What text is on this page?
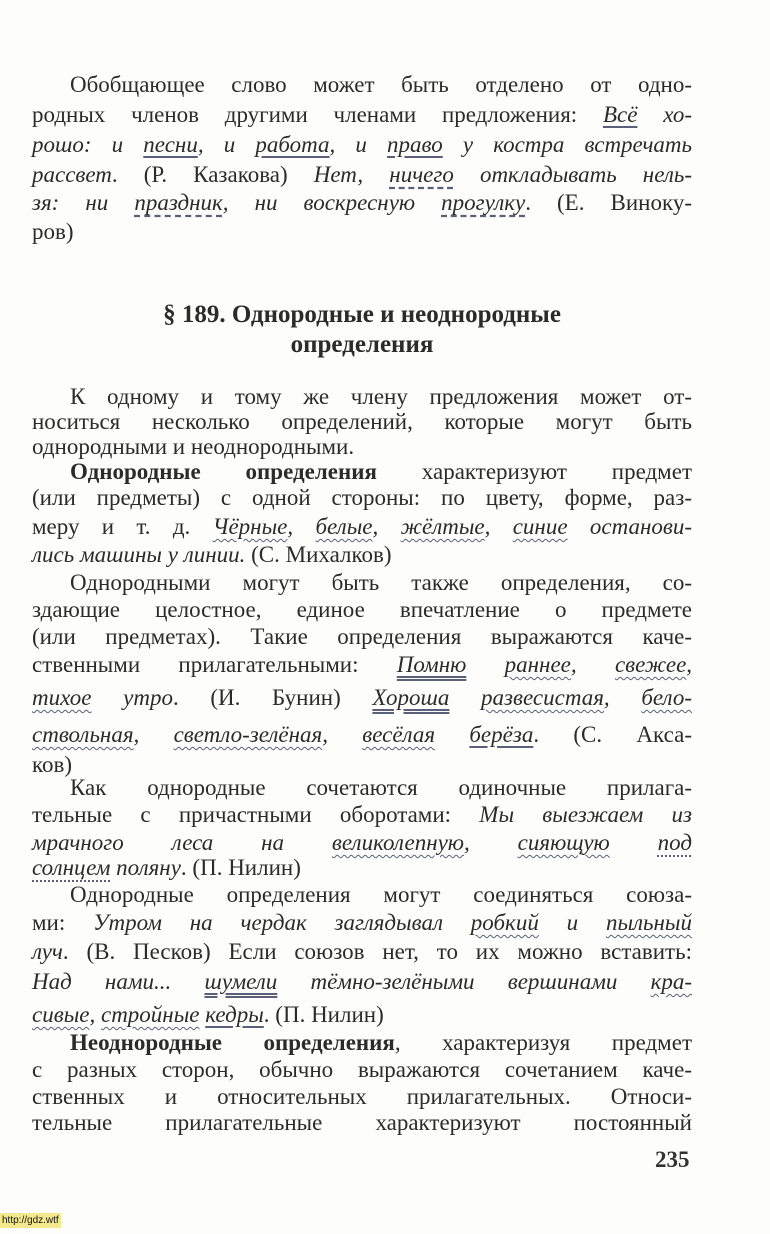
Обобщающее слово может быть отделено от одно-
родных членов другими членами предложения: Всё хо-
рошо: и песни, и работа, и право у костра встречать
рассвет. (Р. Казакова) Нет, ничего откладывать нель-
зя: ни праздник, ни воскресную прогулку. (Е. Виноку-
ров)
§ 189. Однородные и неоднородные
определения
К одному и тому же члену предложения может от-
носиться несколько определений, которые могут быть
однородными и неоднородными.
Однородные определения характеризуют предмет
(или предметы) с одной стороны: по цвету, форме, раз-
меру и т. д. Чёрные, белые, жёлтые, синие останови-
лись машины у линии. (С. Михалков)
Однородными могут быть также определения, со-
здающие целостное, единое впечатление о предмете
(или предметах). Такие определения выражаются каче-
ственными прилагательными: Помню раннее, свежее,
тихое утро. (И. Бунин) Хороша развесистая, бело-
ствольная, светло-зелёная, весёлая берёза. (С. Акса-
ков)
Как однородные сочетаются одиночные прилага-
тельные с причастными оборотами: Мы выезжаем из
мрачного леса на великолепную, сияющую под
солнцем поляну. (П. Нилин)
Однородные определения могут соединяться союза-
ми: Утром на чердак заглядывал робкий и пыльный
луч. (В. Песков) Если союзов нет, то их можно вставить:
Над нами... шумели тёмно-зелёными вершинами кра-
сивые, стройные кедры. (П. Нилин)
Неоднородные определения, характеризуя предмет
с разных сторон, обычно выражаются сочетанием каче-
ственных и относительных прилагательных. Относи-
тельные прилагательные характеризуют постоянный
235
http://gdz.wtf
